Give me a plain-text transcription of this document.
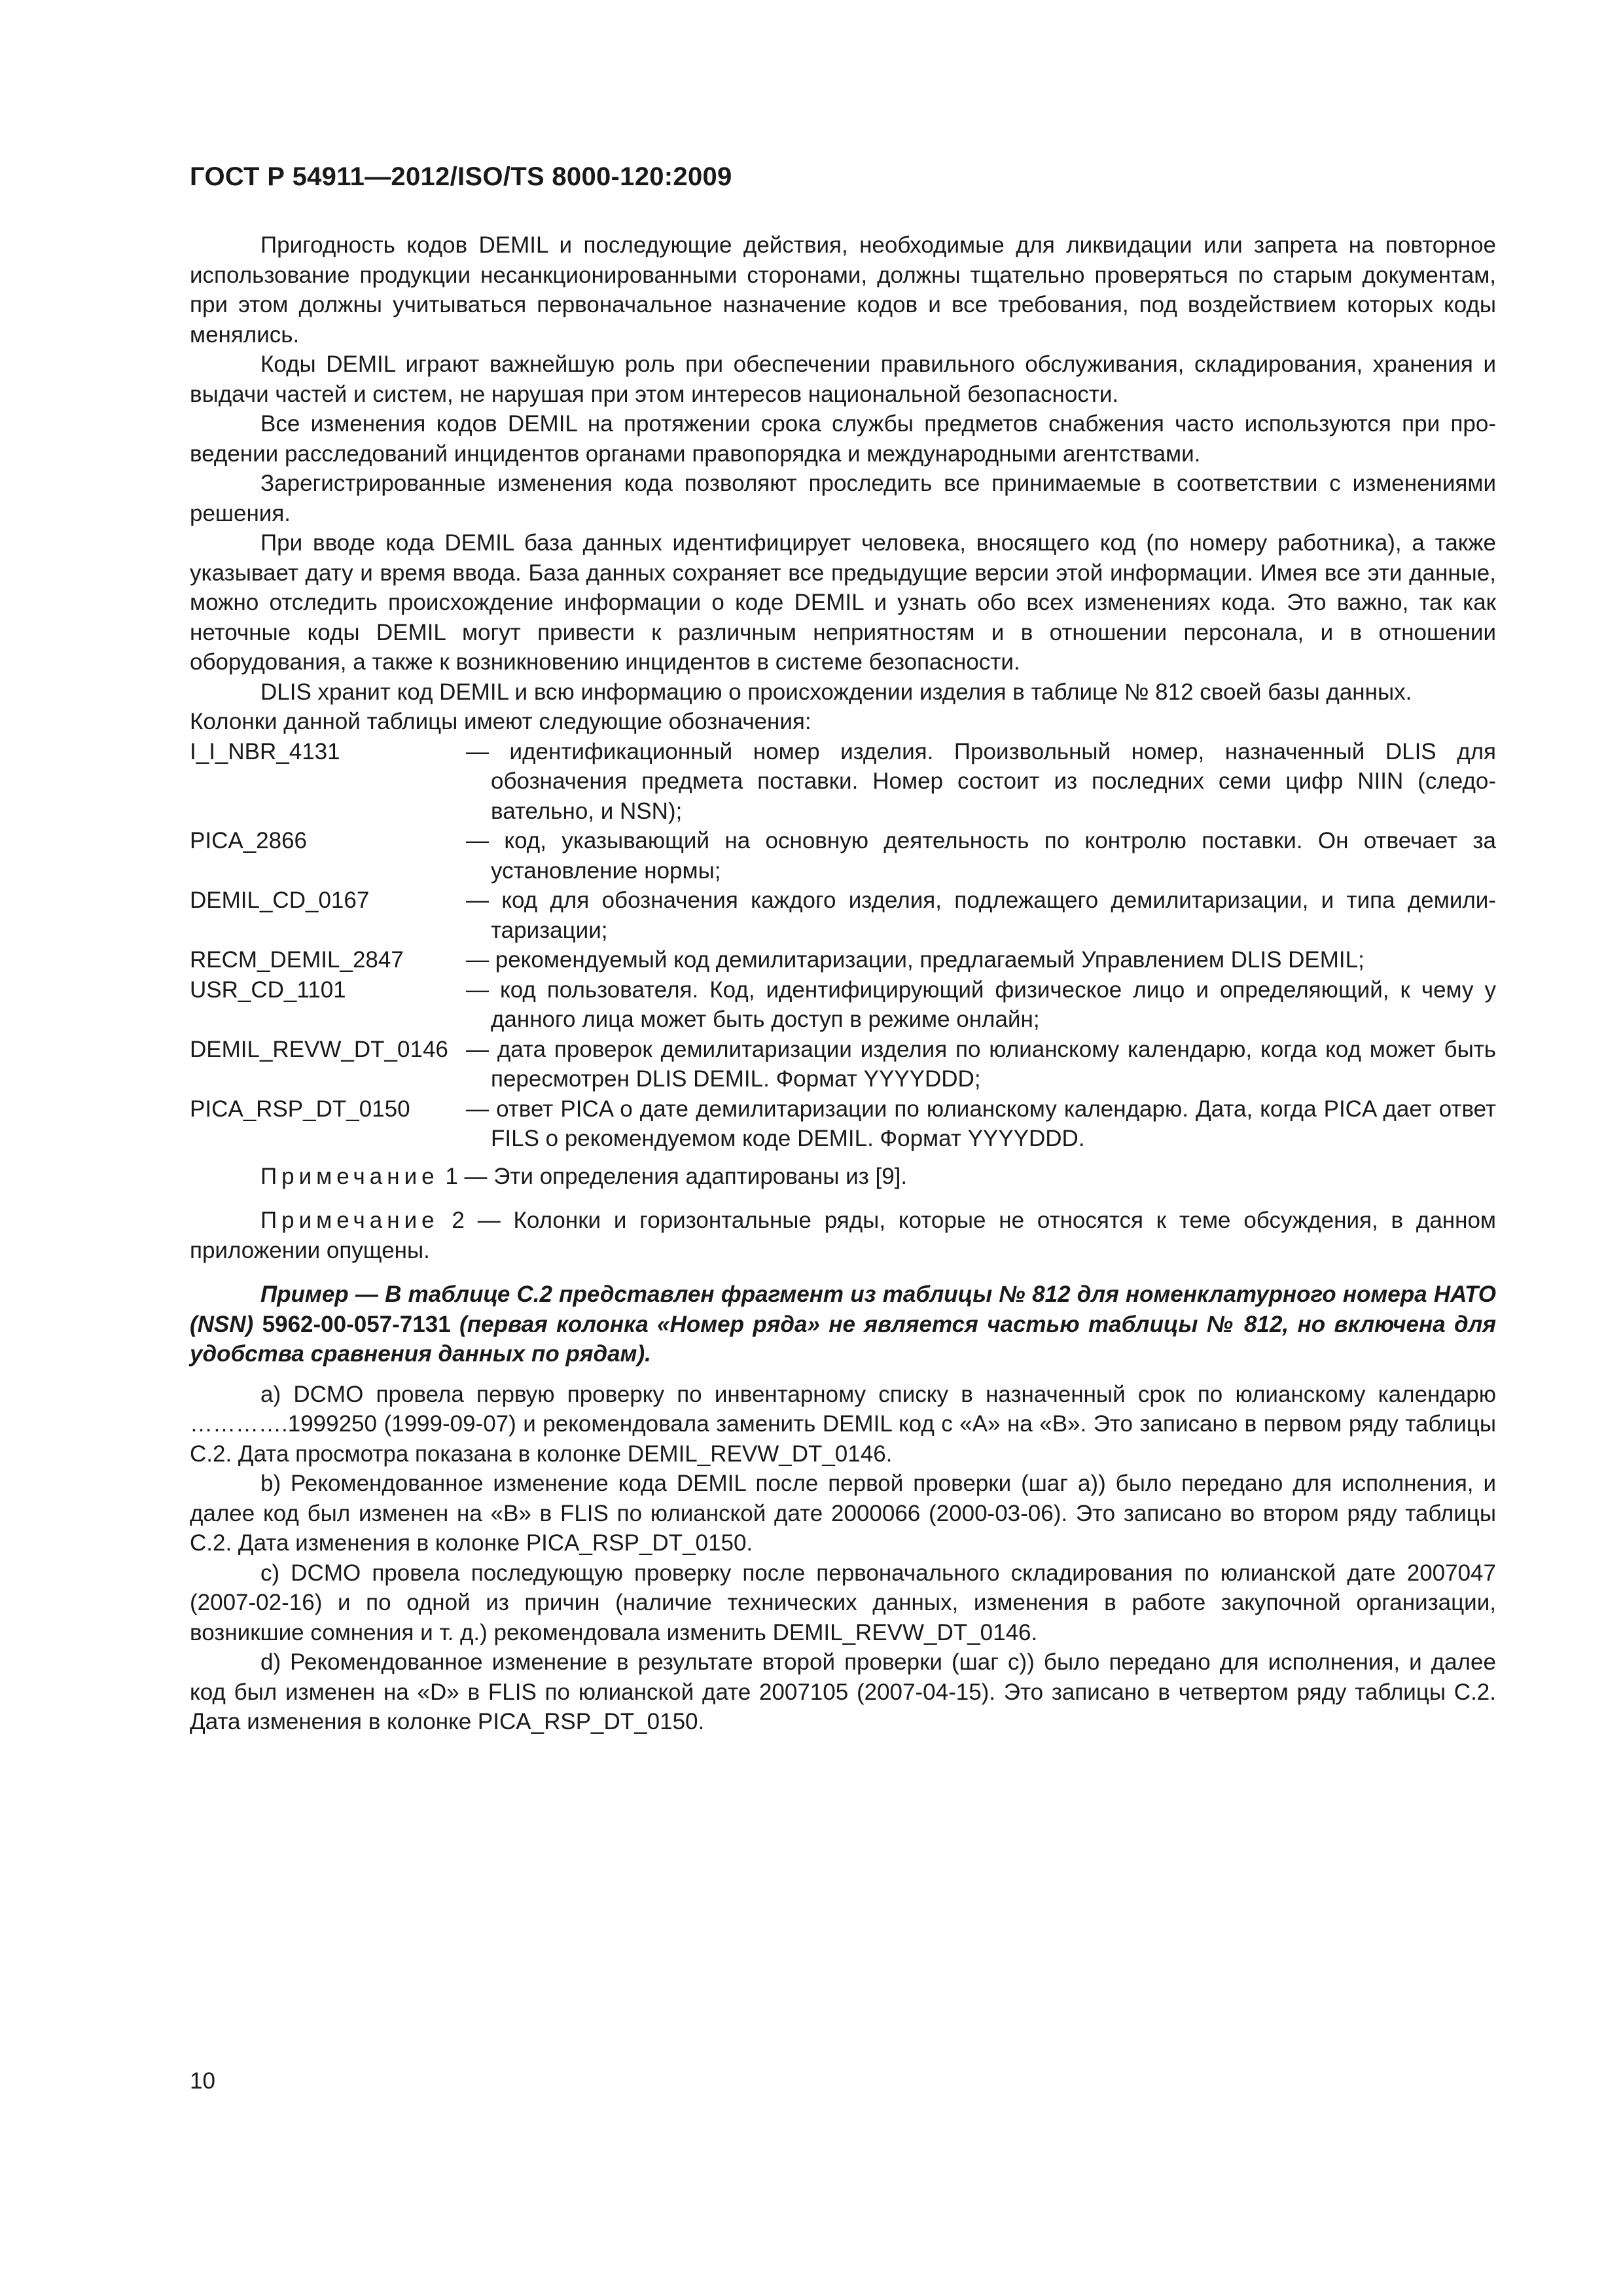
ГОСТ Р 54911—2012/ISO/TS 8000-120:2009

Пригодность кодов DEMIL и последующие действия, необходимые для ликвидации или запрета на повторное использование продукции несанкционированными сторонами, должны тщательно проверяться по старым документам, при этом должны учитываться первоначальное назначение кодов и все требования, под воздействием которых коды менялись.

Коды DEMIL играют важнейшую роль при обеспечении правильного обслуживания, складирования, хранения и выдачи частей и систем, не нарушая при этом интересов национальной безопасности.

Все изменения кодов DEMIL на протяжении срока службы предметов снабжения часто используются при проведении расследований инцидентов органами правопорядка и международными агентствами.

Зарегистрированные изменения кода позволяют проследить все принимаемые в соответствии с изменениями решения.

При вводе кода DEMIL база данных идентифицирует человека, вносящего код (по номеру работника), а также указывает дату и время ввода. База данных сохраняет все предыдущие версии этой информации. Имея все эти данные, можно отследить происхождение информации о коде DEMIL и узнать обо всех изменениях кода. Это важно, так как неточные коды DEMIL могут привести к различным неприятностям и в отношении персонала, и в отношении оборудования, а также к возникновению инцидентов в системе безопасности.

DLIS хранит код DEMIL и всю информацию о происхождении изделия в таблице № 812 своей базы данных.

Колонки данной таблицы имеют следующие обозначения:

I_I_NBR_4131	— идентификационный номер изделия. Произвольный номер, назначенный DLIS для обозначения предмета поставки. Номер состоит из последних семи цифр NIIN (следовательно, и NSN);
PICA_2866	— код, указывающий на основную деятельность по контролю поставки. Он отвечает за установление нормы;
DEMIL_CD_0167	— код для обозначения каждого изделия, подлежащего демилитаризации, и типа демилитаризации;
RECM_DEMIL_2847	— рекомендуемый код демилитаризации, предлагаемый Управлением DLIS DEMIL;
USR_CD_1101	— код пользователя. Код, идентифицирующий физическое лицо и определяющий, к чему у данного лица может быть доступ в режиме онлайн;
DEMIL_REVW_DT_0146 — дата проверок демилитаризации изделия по юлианскому календарю, когда код может быть пересмотрен DLIS DEMIL. Формат YYYYDDD;
PICA_RSP_DT_0150	— ответ PICA о дате демилитаризации по юлианскому календарю. Дата, когда PICA дает ответ FILS о рекомендуемом коде DEMIL. Формат YYYYDDD.

Примечание 1 — Эти определения адаптированы из [9].

Примечание 2 — Колонки и горизонтальные ряды, которые не относятся к теме обсуждения, в данном приложении опущены.

Пример — В таблице С.2 представлен фрагмент из таблицы № 812 для номенклатурного номера НАТО (NSN) 5962-00-057-7131 (первая колонка «Номер ряда» не является частью таблицы № 812, но включена для удобства сравнения данных по рядам).

a) DCMO провела первую проверку по инвентарному списку в назначенный срок по юлианскому календарю ………….1999250 (1999-09-07) и рекомендовала заменить DEMIL код с «А» на «В». Это записано в первом ряду таблицы С.2. Дата просмотра показана в колонке DEMIL_REVW_DT_0146.

b) Рекомендованное изменение кода DEMIL после первой проверки (шаг а)) было передано для исполнения, и далее код был изменен на «В» в FLIS по юлианской дате 2000066 (2000-03-06). Это записано во втором ряду таблицы С.2. Дата изменения в колонке PICA_RSP_DT_0150.

c) DCMO провела последующую проверку после первоначального складирования по юлианской дате 2007047 (2007-02-16) и по одной из причин (наличие технических данных, изменения в работе закупочной организации, возникшие сомнения и т. д.) рекомендовала изменить DEMIL_REVW_DT_0146.

d) Рекомендованное изменение в результате второй проверки (шаг с)) было передано для исполнения, и далее код был изменен на «D» в FLIS по юлианской дате 2007105 (2007-04-15). Это записано в четвертом ряду таблицы С.2. Дата изменения в колонке PICA_RSP_DT_0150.

10
